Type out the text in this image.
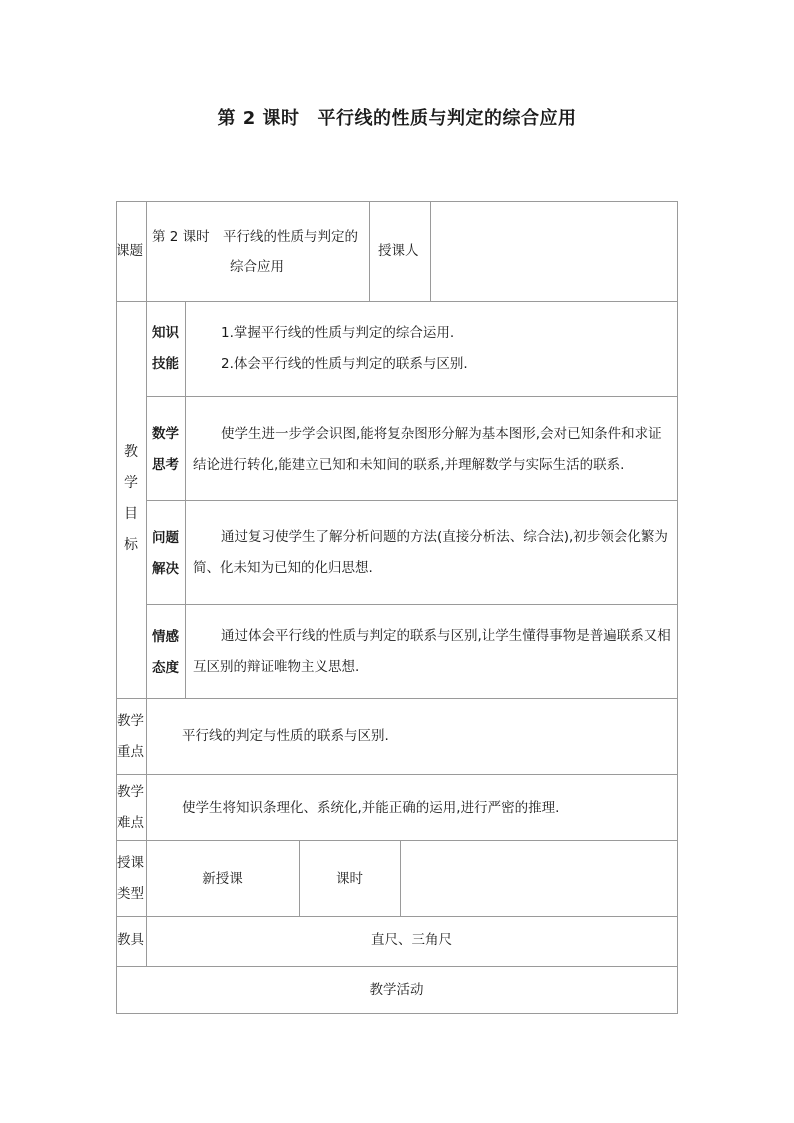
第 2 课时 平行线的性质与判定的综合应用
课题
第 2 课时 平行线的性质与判定的
综合应用
授课人
教
学
目
标
知识
技能
1.掌握平行线的性质与判定的综合运用.
2.体会平行线的性质与判定的联系与区别.
数学
思考
使学生进一步学会识图,能将复杂图形分解为基本图形,会对已知条件和求证结论进行转化,能建立已知和未知间的联系,并理解数学与实际生活的联系.
问题
解决
通过复习使学生了解分析问题的方法(直接分析法、综合法),初步领会化繁为简、化未知为已知的化归思想.
情感
态度
通过体会平行线的性质与判定的联系与区别,让学生懂得事物是普遍联系又相互区别的辩证唯物主义思想.
教学
重点
平行线的判定与性质的联系与区别.
教学
难点
使学生将知识条理化、系统化,并能正确的运用,进行严密的推理.
授课
类型
新授课	课时
教具	直尺、三角尺
教学活动
